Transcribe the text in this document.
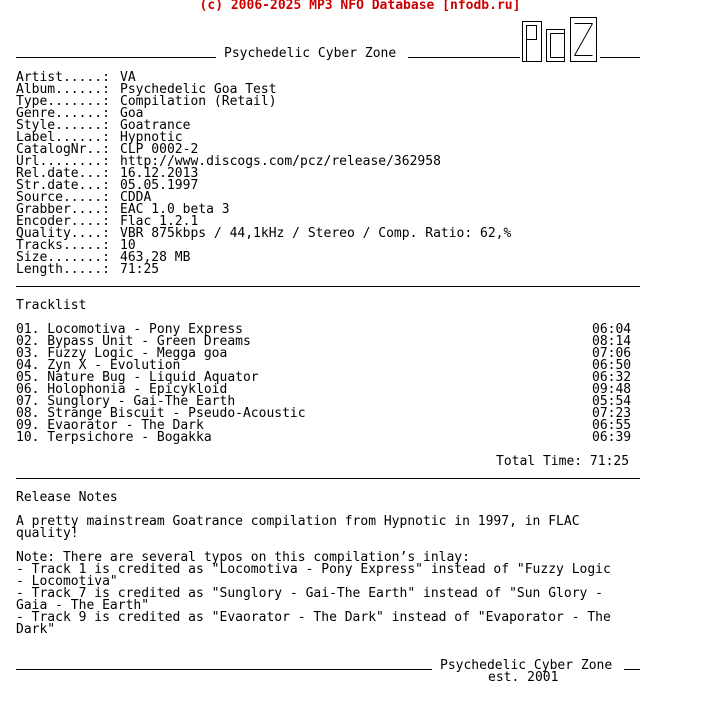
(c) 2006-2025 MP3 NFO Database [nfodb.ru]
Psychedelic Cyber Zone
Artist.....: VA
Album......: Psychedelic Goa Test
Type.......: Compilation (Retail)
Genre......: Goa
Style......: Goatrance
Label......: Hypnotic
CatalogNr..: CLP 0002-2
Url........: http://www.discogs.com/pcz/release/362958
Rel.date...: 16.12.2013
Str.date...: 05.05.1997
Source.....: CDDA
Grabber....: EAC 1.0 beta 3
Encoder....: Flac 1.2.1
Quality....: VBR 875kbps / 44,1kHz / Stereo / Comp. Ratio: 62,%
Tracks.....: 10
Size.......: 463,28 MB
Length.....: 71:25
Tracklist
01. Locomotiva - Pony Express	06:04
02. Bypass Unit - Green Dreams	08:14
03. Fuzzy Logic - Megga goa	07:06
04. Zyn X - Evolution	06:50
05. Nature Bug - Liquid Aquator	06:32
06. Holophonia - Epicykloid	09:48
07. Sunglory - Gai-The Earth	05:54
08. Strange Biscuit - Pseudo-Acoustic	07:23
09. Evaorator - The Dark	06:55
10. Terpsichore - Bogakka	06:39
Total Time: 71:25
Release Notes
A pretty mainstream Goatrance compilation from Hypnotic in 1997, in FLAC
quality!
Note: There are several typos on this compilation’s inlay:
- Track 1 is credited as "Locomotiva - Pony Express" instead of "Fuzzy Logic
- Locomotiva"
- Track 7 is credited as "Sunglory - Gai-The Earth" instead of "Sun Glory -
Gaia - The Earth"
- Track 9 is credited as "Evaorator - The Dark" instead of "Evaporator - The
Dark"
Psychedelic Cyber Zone
est. 2001
